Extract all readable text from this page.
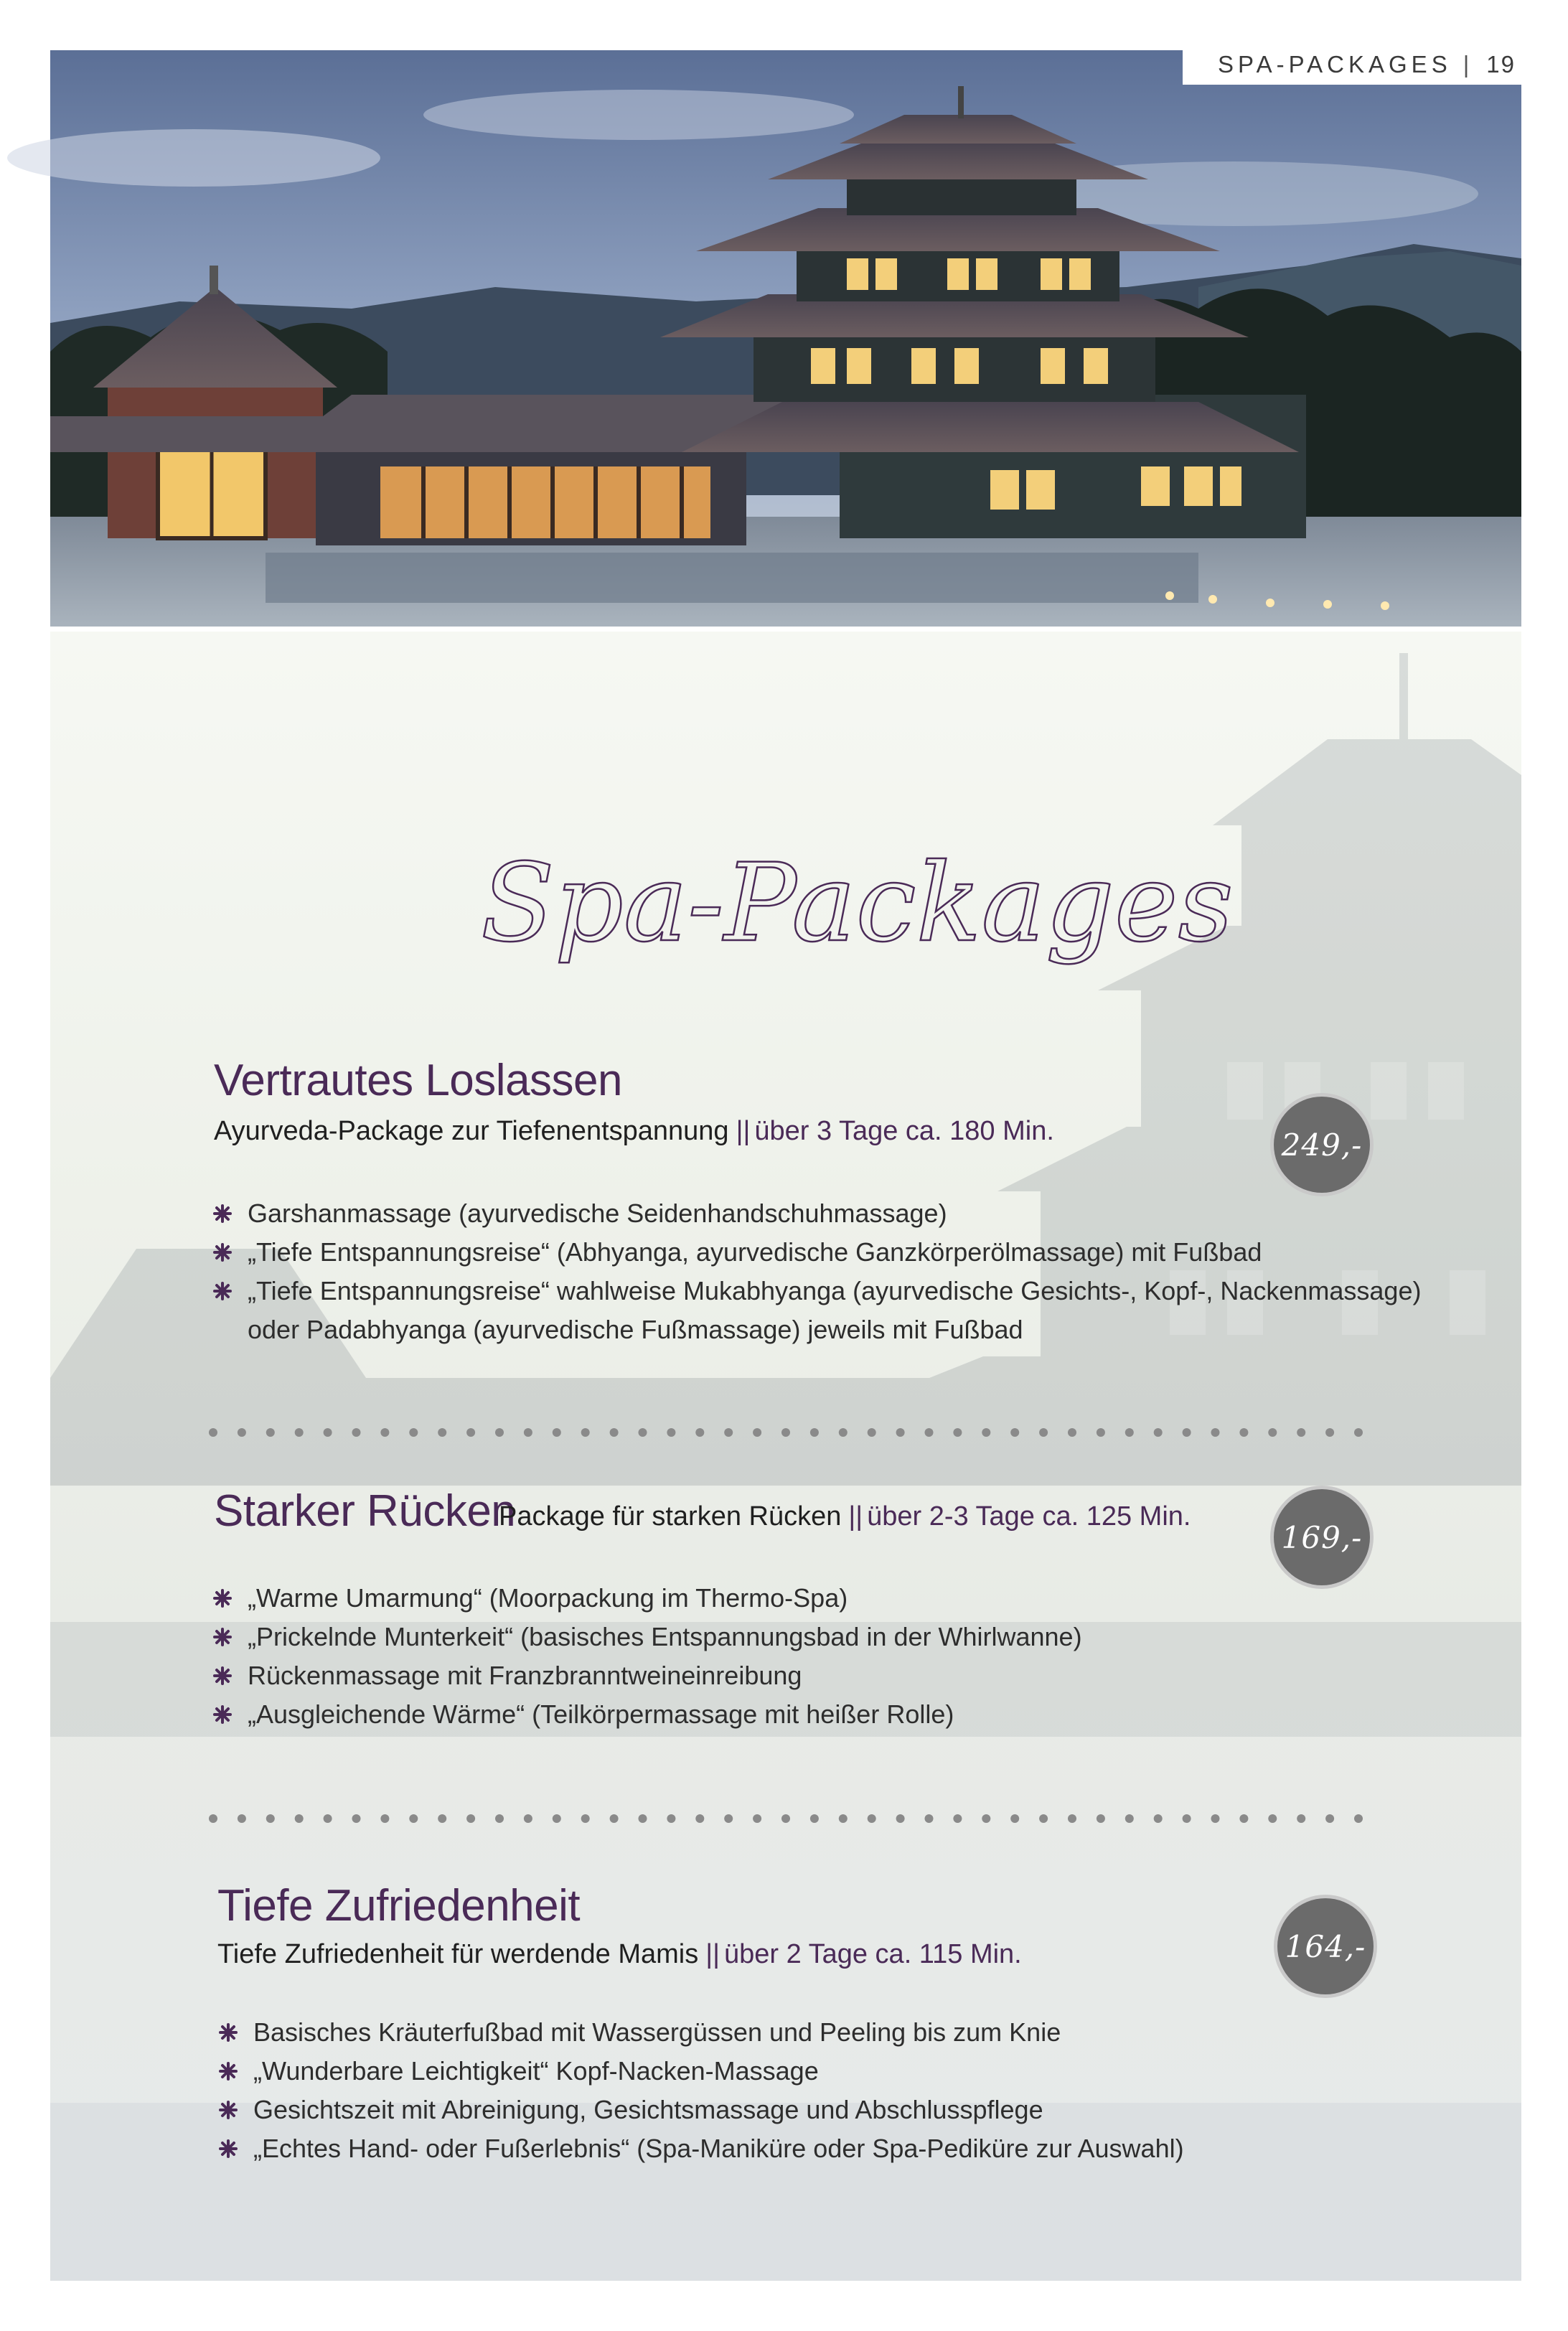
SPA-PACKAGES | 19
Spa-Packages
Vertrautes Loslassen
Ayurveda-Package zur Tiefenentspannung || über 3 Tage ca. 180 Min.	249,-
Garshanmassage (ayurvedische Seidenhandschuhmassage)
„Tiefe Entspannungsreise“ (Abhyanga, ayurvedische Ganzkörperölmassage) mit Fußbad
„Tiefe Entspannungsreise“ wahlweise Mukabhyanga (ayurvedische Gesichts-, Kopf-, Nackenmassage)
oder Padabhyanga (ayurvedische Fußmassage) jeweils mit Fußbad
Starker Rücken
Package für starken Rücken || über 2-3 Tage ca. 125 Min.
169,-
„Warme Umarmung“ (Moorpackung im Thermo-Spa)
„Prickelnde Munterkeit“ (basisches Entspannungsbad in der Whirlwanne)
Rückenmassage mit Franzbranntweineinreibung
„Ausgleichende Wärme“ (Teilkörpermassage mit heißer Rolle)
Tiefe Zufriedenheit
Tiefe Zufriedenheit für werdende Mamis || über 2 Tage ca. 115 Min.	164,-
Basisches Kräuterfußbad mit Wassergüssen und Peeling bis zum Knie
„Wunderbare Leichtigkeit“ Kopf-Nacken-Massage
Gesichtszeit mit Abreinigung, Gesichtsmassage und Abschlusspflege
„Echtes Hand- oder Fußerlebnis“ (Spa-Maniküre oder Spa-Pediküre zur Auswahl)
